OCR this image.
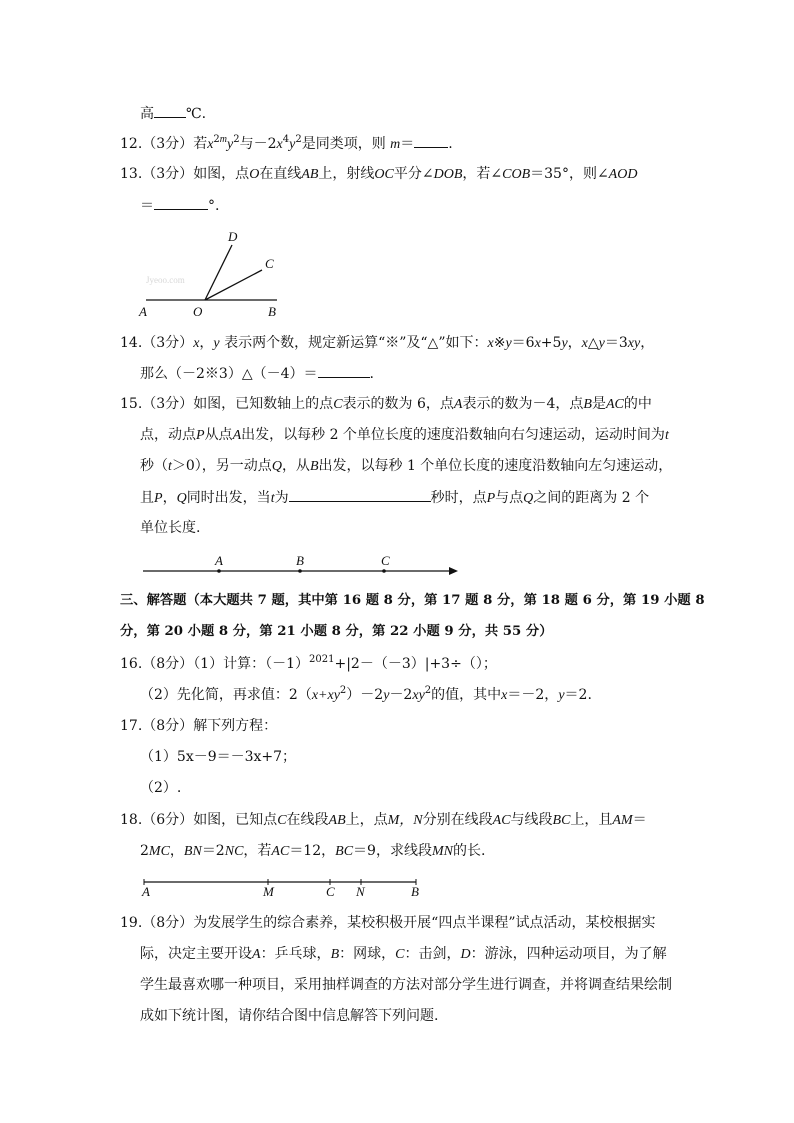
高 ℃.
12.（3分）若$x^{2m}y^2$与$-2x^4y^2$是同类项，则 m＝ .
13.（3分）如图，点O在直线AB上，射线OC平分∠DOB，若∠COB＝35°，则∠AOD
＝	°.
Jyeoo.com
A	O	B
C
D
14.（3分）x，y 表示两个数，规定新运算“※”及“△”如下：x※y＝6x+5y，x△y＝3xy，
那么（－2※3）△（－4）＝	.
15.（3分）如图，已知数轴上的点C表示的数为 6，点A表示的数为－4，点B是AC的中
点，动点P从点A出发，以每秒 2 个单位长度的速度沿数轴向右匀速运动，运动时间为t
秒（t＞0），另一动点Q，从B出发，以每秒 1 个单位长度的速度沿数轴向左匀速运动，
且P，Q同时出发，当t为	秒时，点P与点Q之间的距离为 2 个
单位长度.
A	B	C
三、解答题（本大题共 7 题，其中第 16 题 8 分，第 17 题 8 分，第 18 题 6 分，第 19 小题 8
分，第 20 小题 8 分，第 21 小题 8 分，第 22 小题 9 分，共 55 分）
16.（8分）（1）计算：$(-1)^{2021}+|2-(-3)|+3\div()$；
（2）先化简，再求值：$2(x+xy^2)-2y-2xy^2$的值，其中x＝－2，y＝2.
17.（8分）解下列方程：
（1）5x－9＝－3x+7；
（2）.
18.（6分）如图，已知点C在线段AB上，点M，N分别在线段AC与线段BC上，且AM＝
2MC，BN＝2NC，若AC＝12，BC＝9，求线段MN的长.
A	M	C N	B
19.（8分）为发展学生的综合素养，某校积极开展“四点半课程”试点活动，某校根据实
际，决定主要开设A：乒乓球，B：网球，C：击剑，D：游泳，四种运动项目，为了解
学生最喜欢哪一种项目，采用抽样调查的方法对部分学生进行调查，并将调查结果绘制
成如下统计图，请你结合图中信息解答下列问题.
